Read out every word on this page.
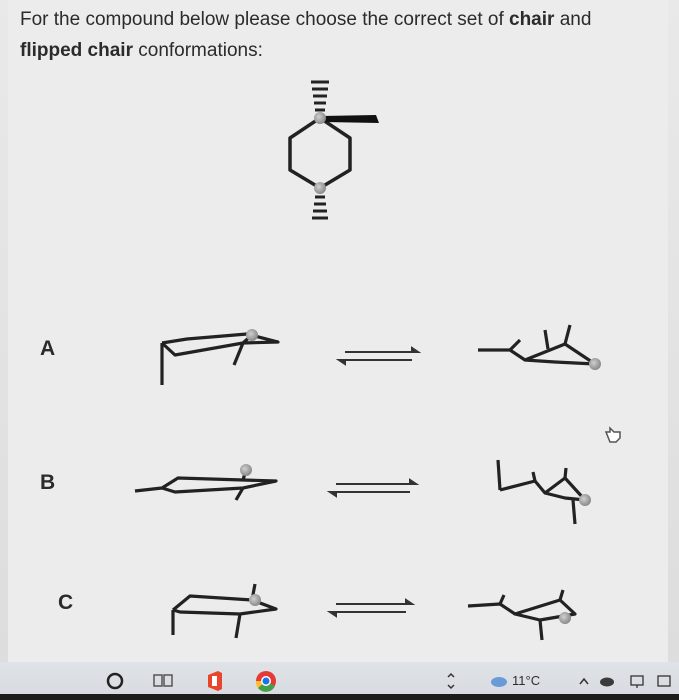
For the compound below please choose the correct set of chair and
flipped chair conformations:
A
B
C
11°C
